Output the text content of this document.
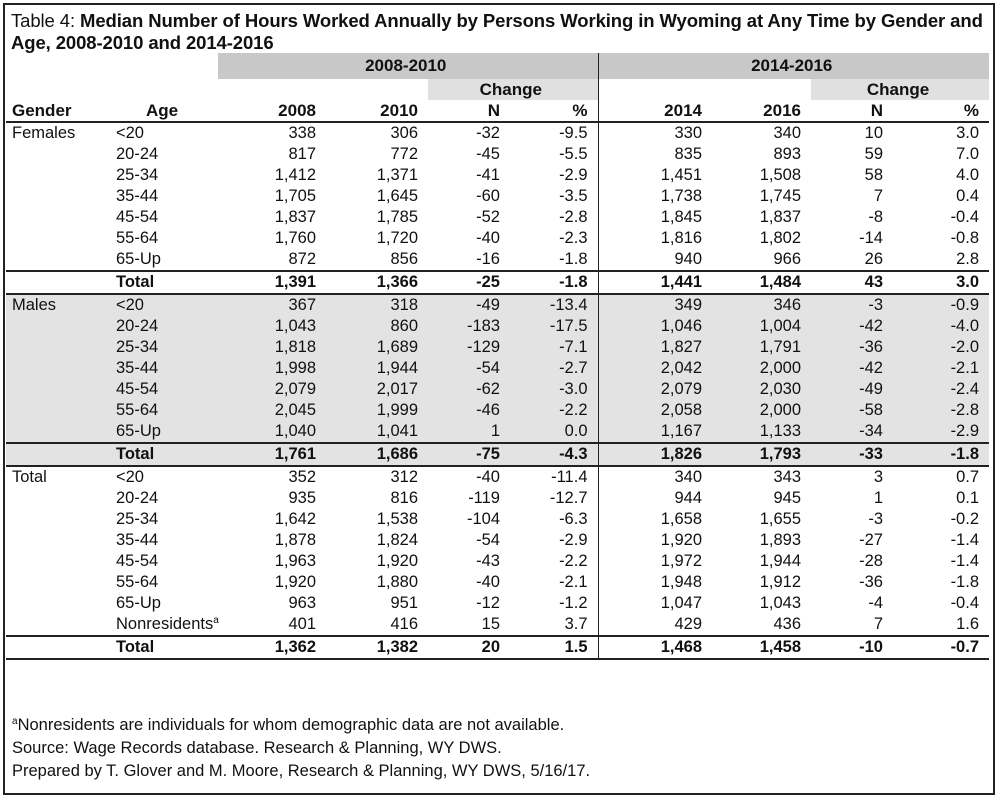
Table 4: Median Number of Hours Worked Annually by Persons Working in Wyoming at Any Time by Gender and Age, 2008-2010 and 2014-2016
		2008-2010				2014-2016			
				Change				Change	
Gender	Age	2008	2010	N	%	2014	2016	N	%
Females	<20	338	306	-32	-9.5	330	340	10	3.0
	20-24	817	772	-45	-5.5	835	893	59	7.0
	25-34	1,412	1,371	-41	-2.9	1,451	1,508	58	4.0
	35-44	1,705	1,645	-60	-3.5	1,738	1,745	7	0.4
	45-54	1,837	1,785	-52	-2.8	1,845	1,837	-8	-0.4
	55-64	1,760	1,720	-40	-2.3	1,816	1,802	-14	-0.8
	65-Up	872	856	-16	-1.8	940	966	26	2.8
	Total	1,391	1,366	-25	-1.8	1,441	1,484	43	3.0
Males	<20	367	318	-49	-13.4	349	346	-3	-0.9
	20-24	1,043	860	-183	-17.5	1,046	1,004	-42	-4.0
	25-34	1,818	1,689	-129	-7.1	1,827	1,791	-36	-2.0
	35-44	1,998	1,944	-54	-2.7	2,042	2,000	-42	-2.1
	45-54	2,079	2,017	-62	-3.0	2,079	2,030	-49	-2.4
	55-64	2,045	1,999	-46	-2.2	2,058	2,000	-58	-2.8
	65-Up	1,040	1,041	1	0.0	1,167	1,133	-34	-2.9
	Total	1,761	1,686	-75	-4.3	1,826	1,793	-33	-1.8
Total	<20	352	312	-40	-11.4	340	343	3	0.7
	20-24	935	816	-119	-12.7	944	945	1	0.1
	25-34	1,642	1,538	-104	-6.3	1,658	1,655	-3	-0.2
	35-44	1,878	1,824	-54	-2.9	1,920	1,893	-27	-1.4
	45-54	1,963	1,920	-43	-2.2	1,972	1,944	-28	-1.4
	55-64	1,920	1,880	-40	-2.1	1,948	1,912	-36	-1.8
	65-Up	963	951	-12	-1.2	1,047	1,043	-4	-0.4
	Nonresidents$^a$	401	416	15	3.7	429	436	7	1.6
	Total	1,362	1,382	20	1.5	1,468	1,458	-10	-0.7
$^a$Nonresidents are individuals for whom demographic data are not available.
Source: Wage Records database. Research & Planning, WY DWS.
Prepared by T. Glover and M. Moore, Research & Planning, WY DWS, 5/16/17.
